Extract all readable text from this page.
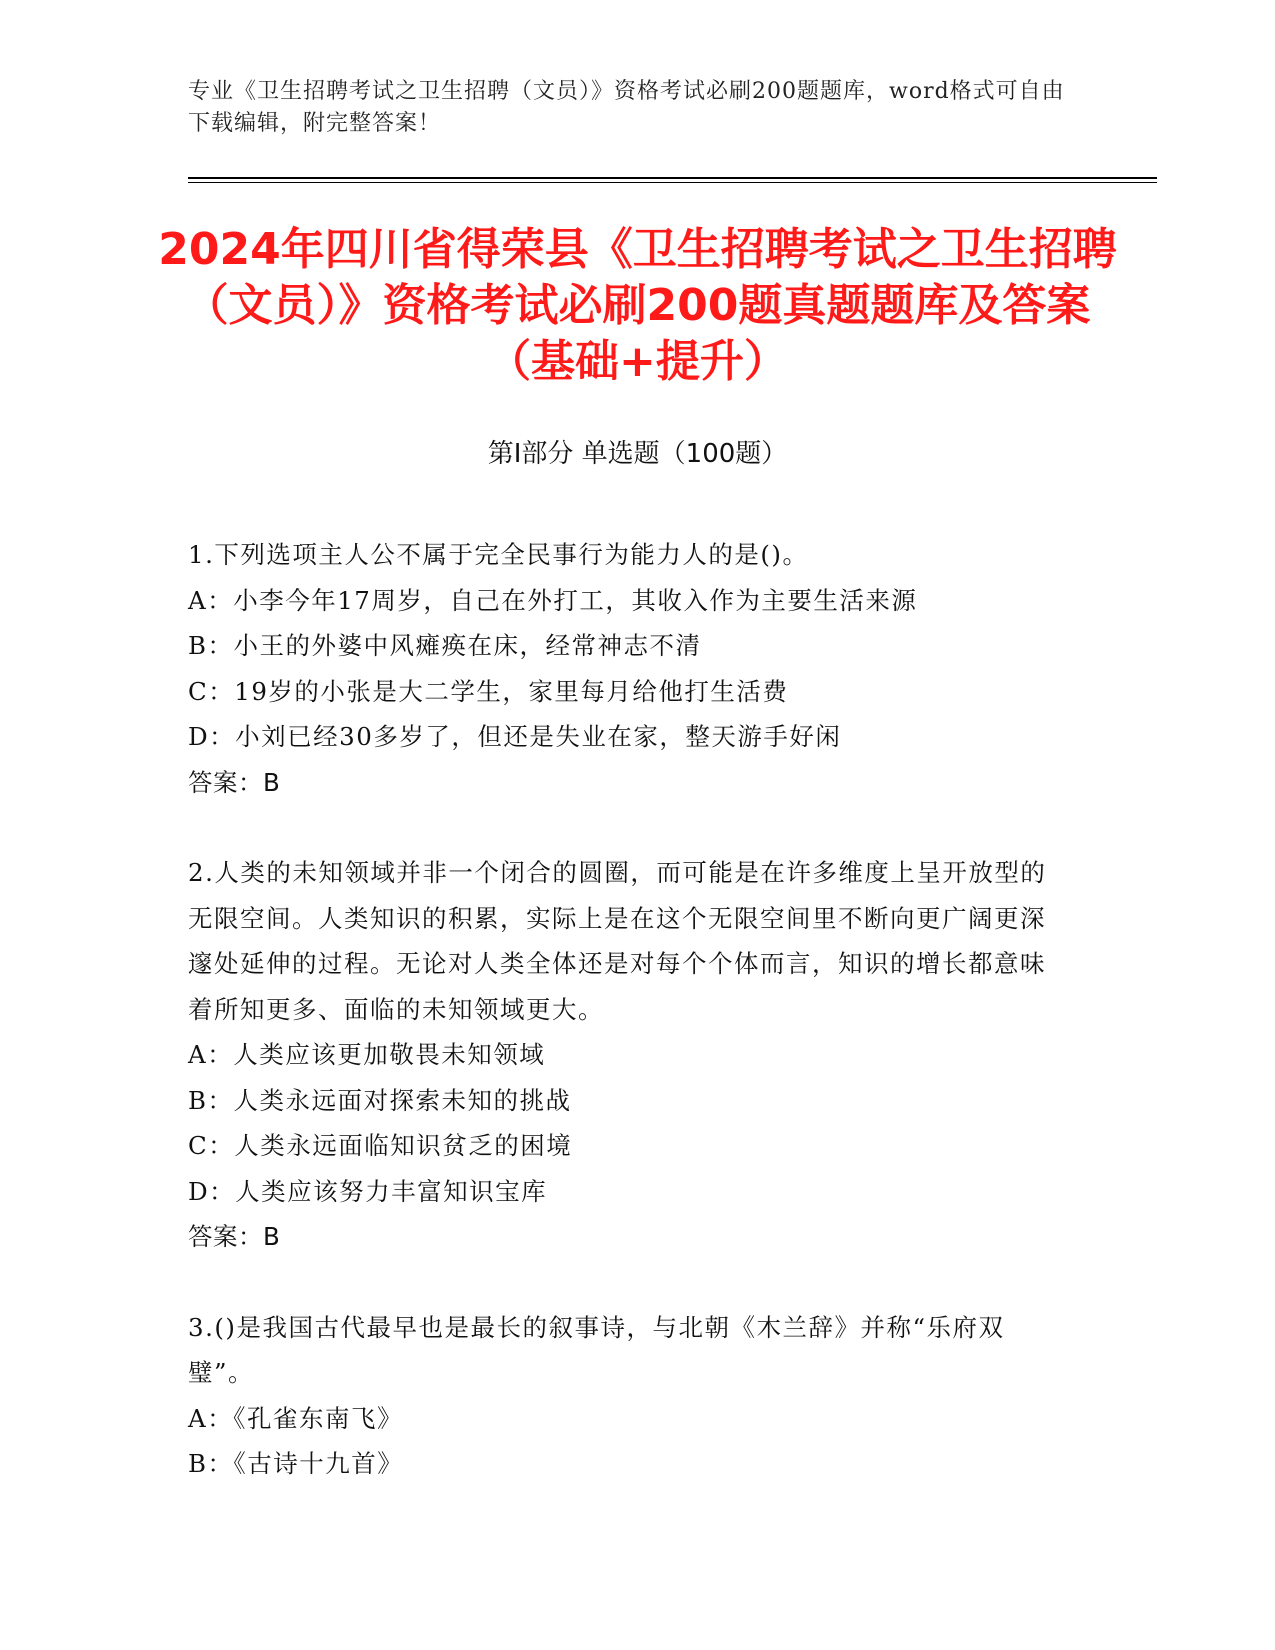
专业《卫生招聘考试之卫生招聘（文员）》资格考试必刷200题题库，word格式可自由下载编辑，附完整答案！
2024年四川省得荣县《卫生招聘考试之卫生招聘（文员）》资格考试必刷200题真题题库及答案（基础+提升）
第Ⅰ部分 单选题（100题）

1.下列选项主人公不属于完全民事行为能力人的是()。

A：小李今年17周岁，自己在外打工，其收入作为主要生活来源

B：小王的外婆中风瘫痪在床，经常神志不清

C：19岁的小张是大二学生，家里每月给他打生活费

D：小刘已经30多岁了，但还是失业在家，整天游手好闲

答案：B

2.人类的未知领域并非一个闭合的圆圈，而可能是在许多维度上呈开放型的无限空间。人类知识的积累，实际上是在这个无限空间里不断向更广阔更深邃处延伸的过程。无论对人类全体还是对每个个体而言，知识的增长都意味着所知更多、面临的未知领域更大。

A：人类应该更加敬畏未知领域

B：人类永远面对探索未知的挑战

C：人类永远面临知识贫乏的困境

D：人类应该努力丰富知识宝库

答案：B

3.()是我国古代最早也是最长的叙事诗，与北朝《木兰辞》并称“乐府双璧”。

A：《孔雀东南飞》

B：《古诗十九首》
